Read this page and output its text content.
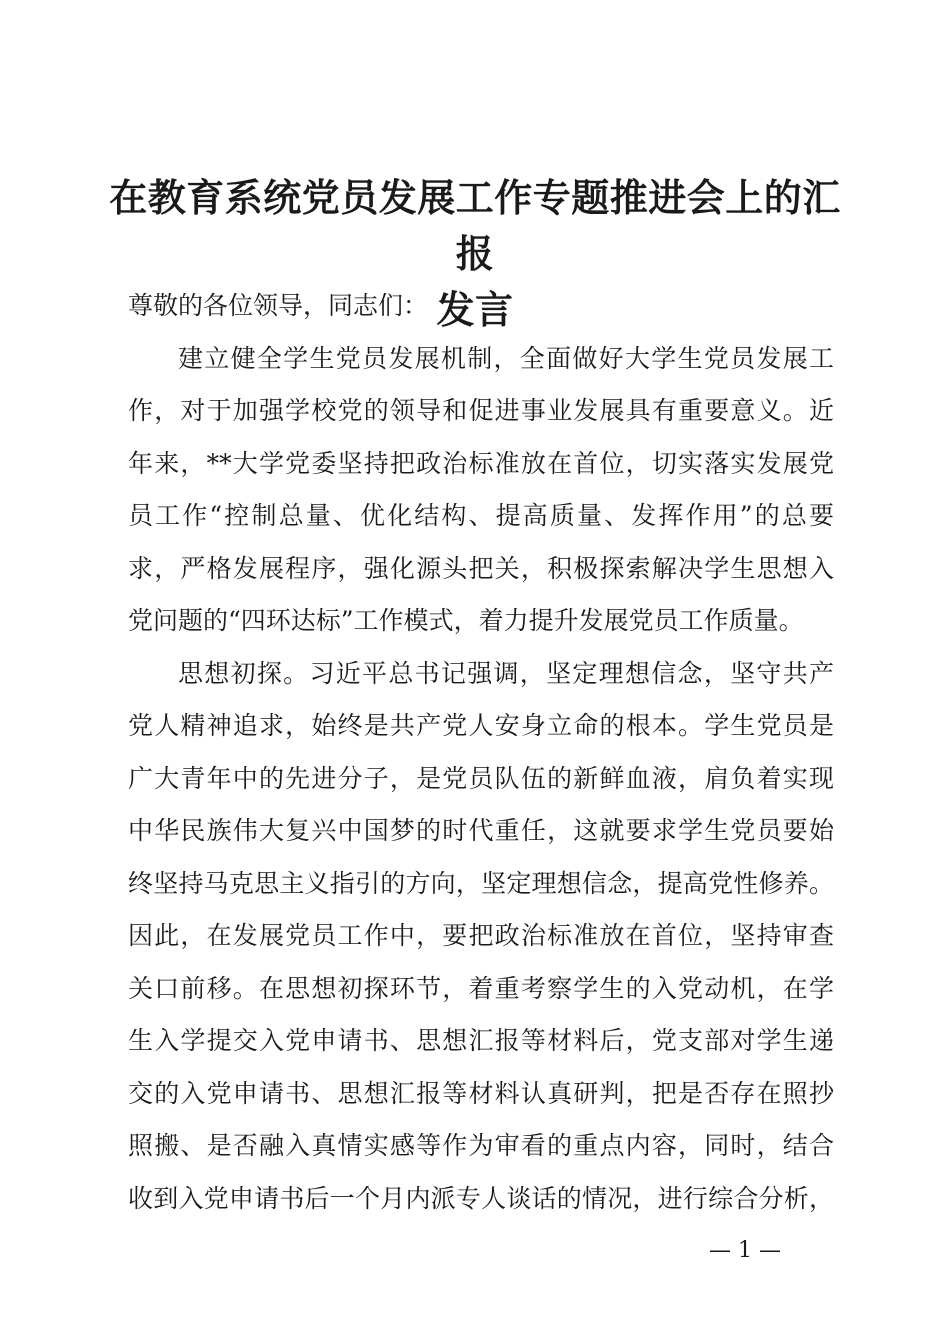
在教育系统党员发展工作专题推进会上的汇报
发言
尊敬的各位领导，同志们：
建立健全学生党员发展机制，全面做好大学生党员发展工
作，对于加强学校党的领导和促进事业发展具有重要意义。近
年来，**大学党委坚持把政治标准放在首位，切实落实发展党
员工作“控制总量、优化结构、提高质量、发挥作用”的总要
求，严格发展程序，强化源头把关，积极探索解决学生思想入
党问题的“四环达标”工作模式，着力提升发展党员工作质量。
思想初探。习近平总书记强调，坚定理想信念，坚守共产
党人精神追求，始终是共产党人安身立命的根本。学生党员是
广大青年中的先进分子，是党员队伍的新鲜血液，肩负着实现
中华民族伟大复兴中国梦的时代重任，这就要求学生党员要始
终坚持马克思主义指引的方向，坚定理想信念，提高党性修养。
因此，在发展党员工作中，要把政治标准放在首位，坚持审查
关口前移。在思想初探环节，着重考察学生的入党动机，在学
生入学提交入党申请书、思想汇报等材料后，党支部对学生递
交的入党申请书、思想汇报等材料认真研判，把是否存在照抄
照搬、是否融入真情实感等作为审看的重点内容，同时，结合
收到入党申请书后一个月内派专人谈话的情况，进行综合分析，
— 1 —
